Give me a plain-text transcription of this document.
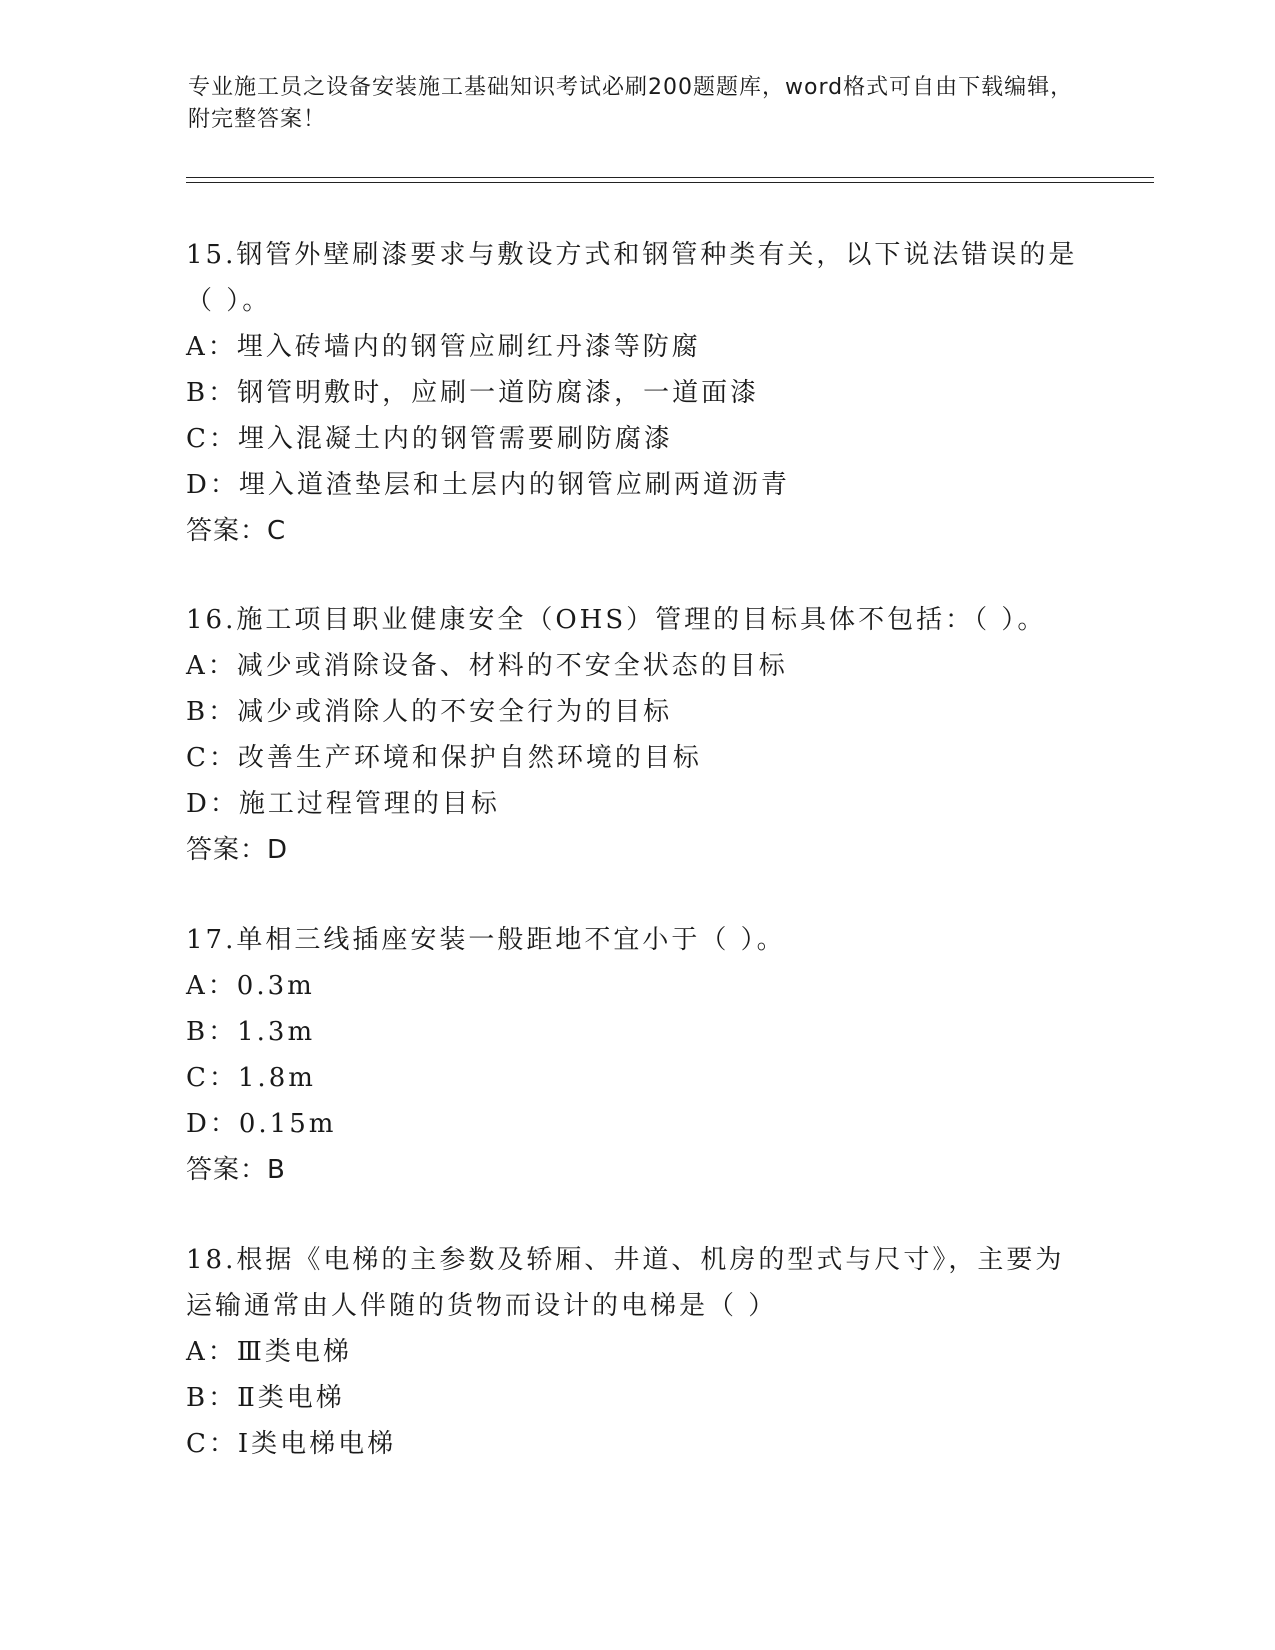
专业施工员之设备安装施工基础知识考试必刷200题题库，word格式可自由下载编辑，附完整答案！
15.钢管外壁刷漆要求与敷设方式和钢管种类有关，以下说法错误的是（ ）。
A：埋入砖墙内的钢管应刷红丹漆等防腐
B：钢管明敷时，应刷一道防腐漆，一道面漆
C：埋入混凝土内的钢管需要刷防腐漆
D：埋入道渣垫层和土层内的钢管应刷两道沥青
答案：C
16.施工项目职业健康安全（OHS）管理的目标具体不包括：（ ）。
A：减少或消除设备、材料的不安全状态的目标
B：减少或消除人的不安全行为的目标
C：改善生产环境和保护自然环境的目标
D：施工过程管理的目标
答案：D
17.单相三线插座安装一般距地不宜小于（ ）。
A：0.3m
B：1.3m
C：1.8m
D：0.15m
答案：B
18.根据《电梯的主参数及轿厢、井道、机房的型式与尺寸》，主要为运输通常由人伴随的货物而设计的电梯是（ ）
A：Ⅲ类电梯
B：Ⅱ类电梯
C：Ⅰ类电梯电梯
